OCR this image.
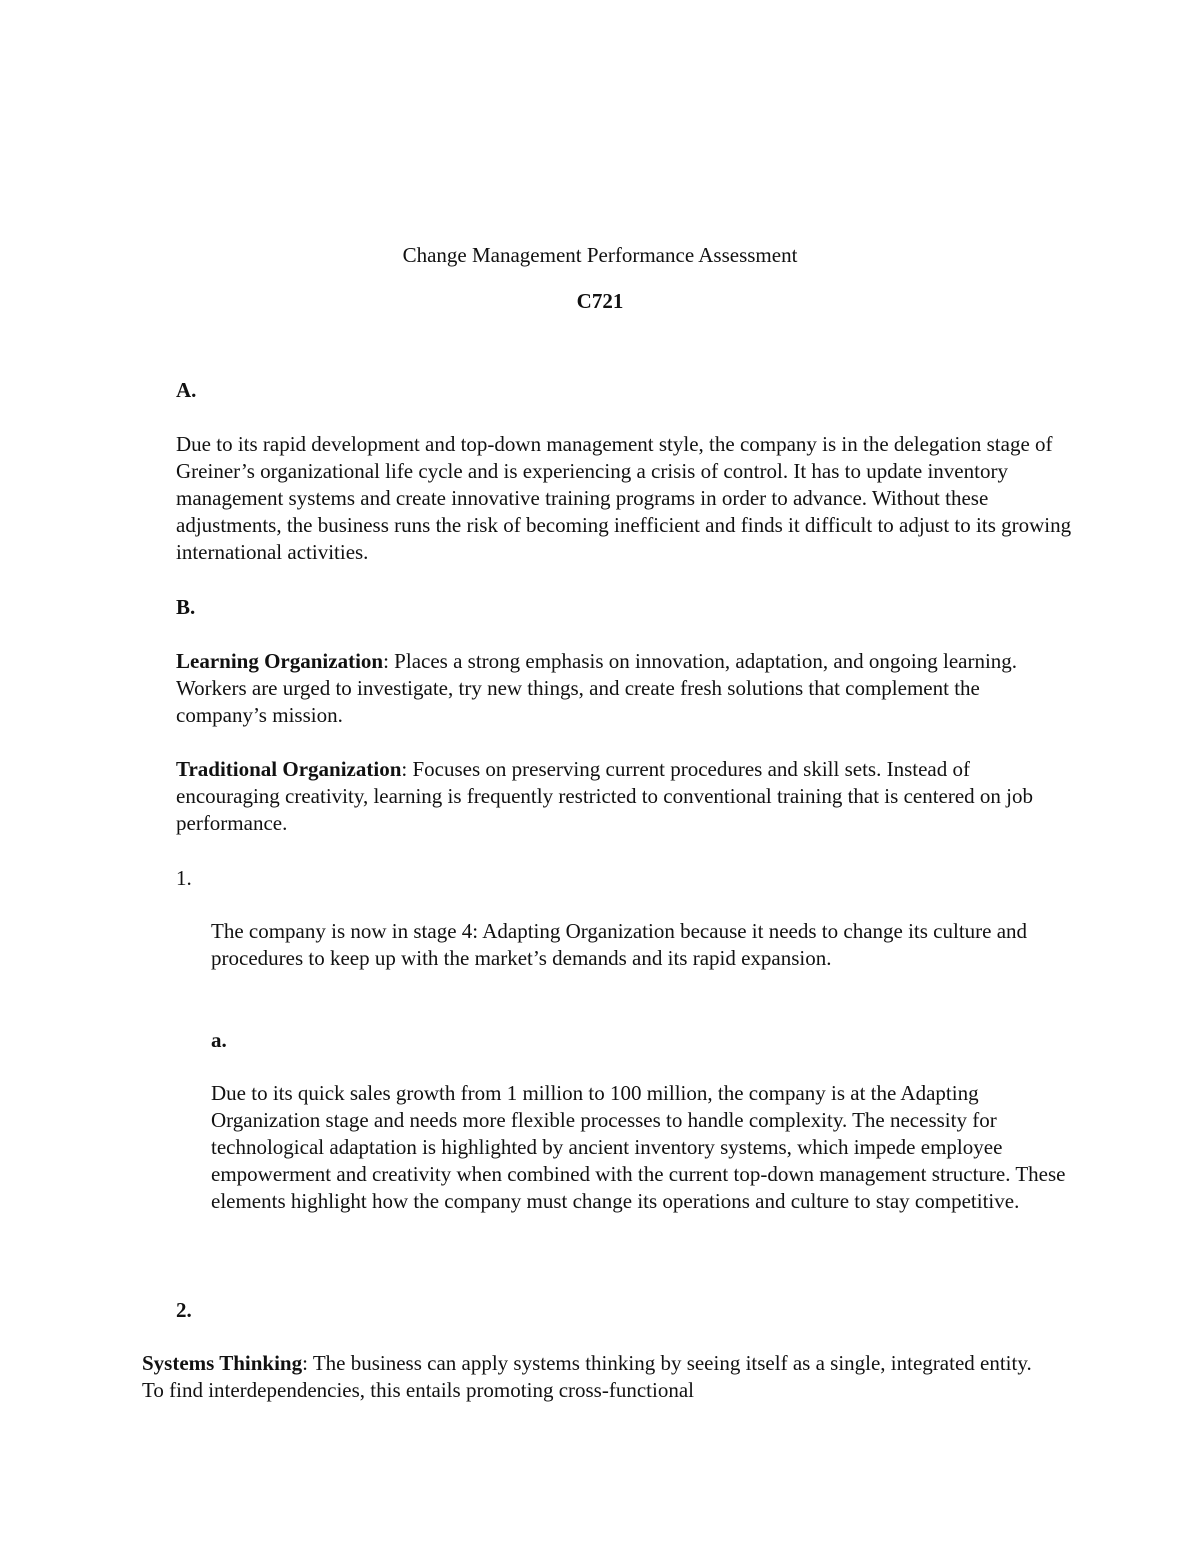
Change Management Performance Assessment

C721

A.

Due to its rapid development and top-down management style, the company is in the delegation stage of Greiner’s organizational life cycle and is experiencing a crisis of control. It has to update inventory management systems and create innovative training programs in order to advance. Without these adjustments, the business runs the risk of becoming inefficient and finds it difficult to adjust to its growing international activities.

B.

Learning Organization: Places a strong emphasis on innovation, adaptation, and ongoing learning. Workers are urged to investigate, try new things, and create fresh solutions that complement the company’s mission.

Traditional Organization: Focuses on preserving current procedures and skill sets. Instead of encouraging creativity, learning is frequently restricted to conventional training that is centered on job performance.

1.

The company is now in stage 4: Adapting Organization because it needs to change its culture and procedures to keep up with the market’s demands and its rapid expansion.

a.

Due to its quick sales growth from 1 million to 100 million, the company is at the Adapting Organization stage and needs more flexible processes to handle complexity. The necessity for technological adaptation is highlighted by ancient inventory systems, which impede employee empowerment and creativity when combined with the current top-down management structure. These elements highlight how the company must change its operations and culture to stay competitive.

2.

Systems Thinking: The business can apply systems thinking by seeing itself as a single, integrated entity. To find interdependencies, this entails promoting cross-functional
